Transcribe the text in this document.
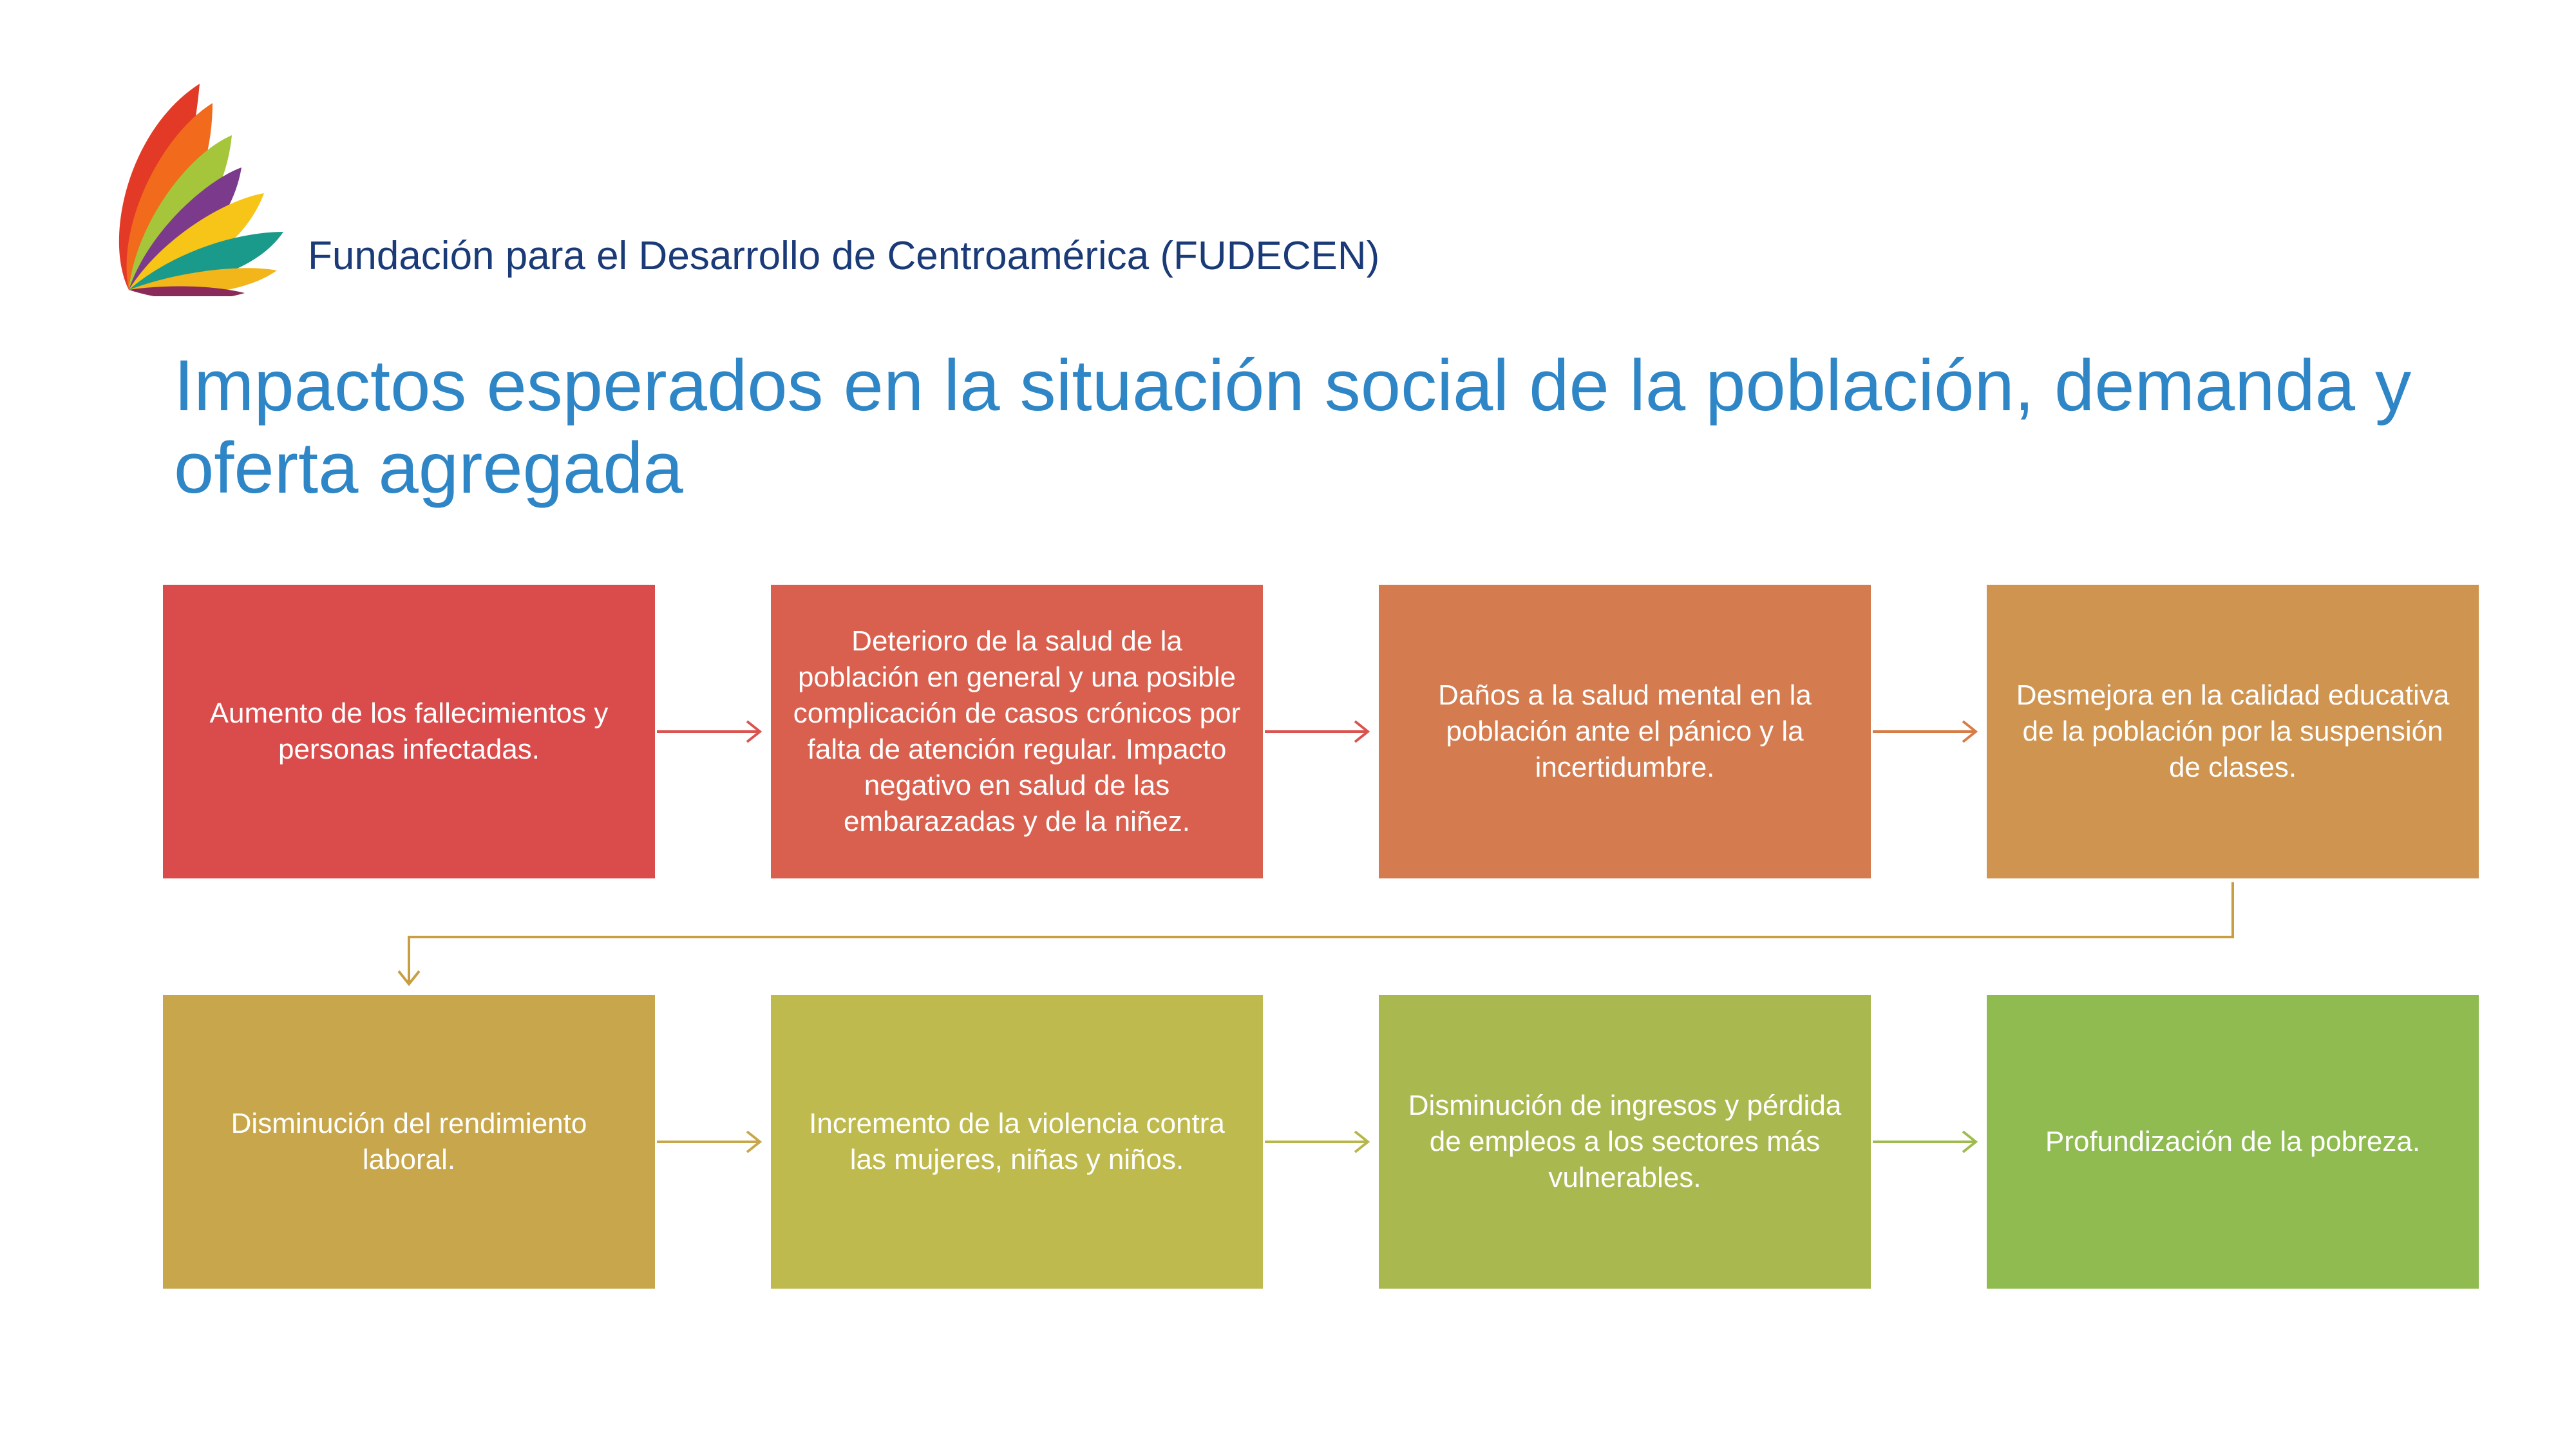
Fundación para el Desarrollo de Centroamérica (FUDECEN)
Impactos esperados en la situación social de la población, demanda y oferta agregada
Aumento de los fallecimientos y personas infectadas.
Deterioro de la salud de la población en general y una posible complicación de casos crónicos por falta de atención regular. Impacto negativo en salud de las embarazadas y de la niñez.
Daños a la salud mental en la población ante el pánico y la incertidumbre.
Desmejora en la calidad educativa de la población por la suspensión de clases.
Disminución del rendimiento laboral.
Incremento de la violencia contra las mujeres, niñas y niños.
Disminución de ingresos y pérdida de empleos a los sectores más vulnerables.
Profundización de la pobreza.
